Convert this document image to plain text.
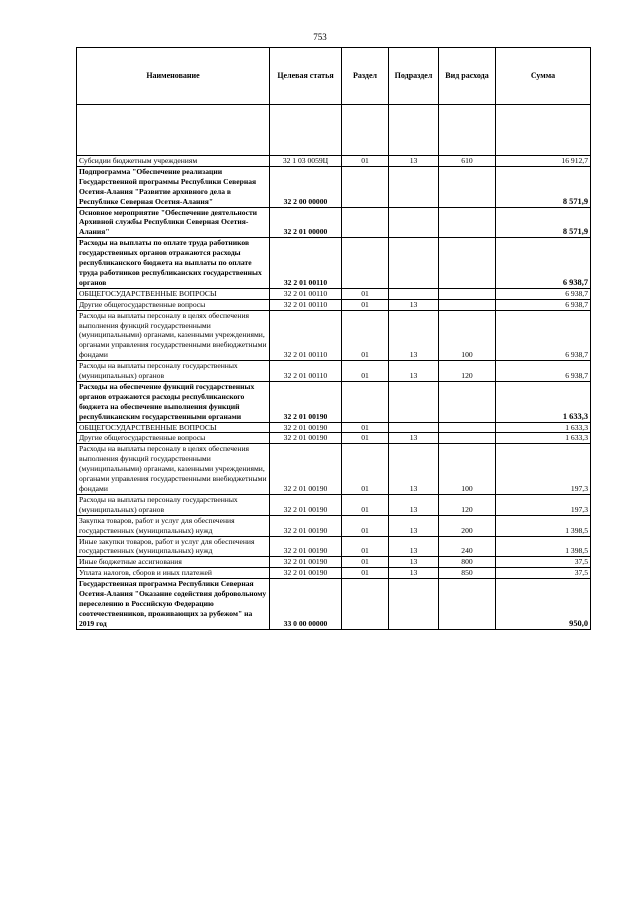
753
Наименование	Целевая статья	Раздел	Подраздел	Вид расхода	Сумма

Субсидии бюджетным учреждениям	32 1 03 0059Ц	01	13	610	16 912,7
Подпрограмма "Обеспечение реализации Государственной программы Республики Северная Осетия-Алания "Развитие архивного дела в Республике Северная Осетия-Алания"	32 2 00 00000				8 571,9
Основное мероприятие "Обеспечение деятельности Архивной службы Республики Северная Осетия-Алания"	32 2 01 00000				8 571,9
Расходы на выплаты по оплате труда работников государственных органов отражаются расходы республиканского бюджета на выплаты по оплате труда работников республиканских государственных органов	32 2 01 00110				6 938,7
ОБЩЕГОСУДАРСТВЕННЫЕ ВОПРОСЫ	32 2 01 00110	01			6 938,7
Другие общегосударственные вопросы	32 2 01 00110	01	13		6 938,7
Расходы на выплаты персоналу в целях обеспечения выполнения функций государственными (муниципальными) органами, казенными учреждениями, органами управления государственными внебюджетными фондами	32 2 01 00110	01	13	100	6 938,7
Расходы на выплаты персоналу государственных (муниципальных) органов	32 2 01 00110	01	13	120	6 938,7
Расходы на обеспечение функций государственных органов отражаются расходы республиканского бюджета на обеспечение выполнения функций республиканским государственными органами	32 2 01 00190				1 633,3
ОБЩЕГОСУДАРСТВЕННЫЕ ВОПРОСЫ	32 2 01 00190	01			1 633,3
Другие общегосударственные вопросы	32 2 01 00190	01	13		1 633,3
Расходы на выплаты персоналу в целях обеспечения выполнения функций государственными (муниципальными) органами, казенными учреждениями, органами управления государственными внебюджетными фондами	32 2 01 00190	01	13	100	197,3
Расходы на выплаты персоналу государственных (муниципальных) органов	32 2 01 00190	01	13	120	197,3
Закупка товаров, работ и услуг для обеспечения государственных (муниципальных) нужд	32 2 01 00190	01	13	200	1 398,5
Иные закупки товаров, работ и услуг для обеспечения государственных (муниципальных) нужд	32 2 01 00190	01	13	240	1 398,5
Иные бюджетные ассигнования	32 2 01 00190	01	13	800	37,5
Уплата налогов, сборов и иных платежей	32 2 01 00190	01	13	850	37,5
Государственная программа Республики Северная Осетия-Алания "Оказание содействия добровольному переселению в Российскую Федерацию соотечественников, проживающих за рубежом" на 2019 год	33 0 00 00000				950,0
